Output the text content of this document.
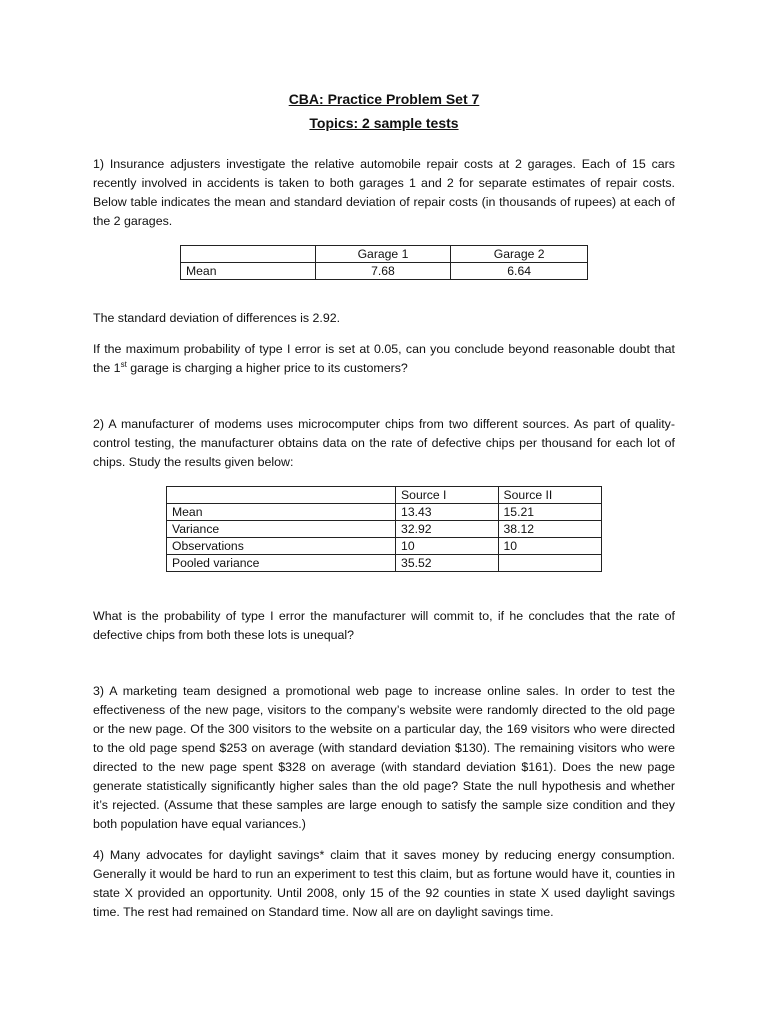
CBA: Practice Problem Set 7
Topics: 2 sample tests

1) Insurance adjusters investigate the relative automobile repair costs at 2 garages. Each of 15 cars recently involved in accidents is taken to both garages 1 and 2 for separate estimates of repair costs. Below table indicates the mean and standard deviation of repair costs (in thousands of rupees) at each of the 2 garages.

	Garage 1	Garage 2
Mean	7.68	6.64

The standard deviation of differences is 2.92.

If the maximum probability of type I error is set at 0.05, can you conclude beyond reasonable doubt that the 1st garage is charging a higher price to its customers?

2) A manufacturer of modems uses microcomputer chips from two different sources. As part of quality-control testing, the manufacturer obtains data on the rate of defective chips per thousand for each lot of chips. Study the results given below:

	Source I	Source II
Mean	13.43	15.21
Variance	32.92	38.12
Observations	10	10
Pooled variance	35.52	

What is the probability of type I error the manufacturer will commit to, if he concludes that the rate of defective chips from both these lots is unequal?

3) A marketing team designed a promotional web page to increase online sales. In order to test the effectiveness of the new page, visitors to the company’s website were randomly directed to the old page or the new page. Of the 300 visitors to the website on a particular day, the 169 visitors who were directed to the old page spend $253 on average (with standard deviation $130). The remaining visitors who were directed to the new page spent $328 on average (with standard deviation $161). Does the new page generate statistically significantly higher sales than the old page? State the null hypothesis and whether it’s rejected. (Assume that these samples are large enough to satisfy the sample size condition and they both population have equal variances.)

4) Many advocates for daylight savings* claim that it saves money by reducing energy consumption. Generally it would be hard to run an experiment to test this claim, but as fortune would have it, counties in state X provided an opportunity. Until 2008, only 15 of the 92 counties in state X used daylight savings time. The rest had remained on Standard time. Now all are on daylight savings time.
